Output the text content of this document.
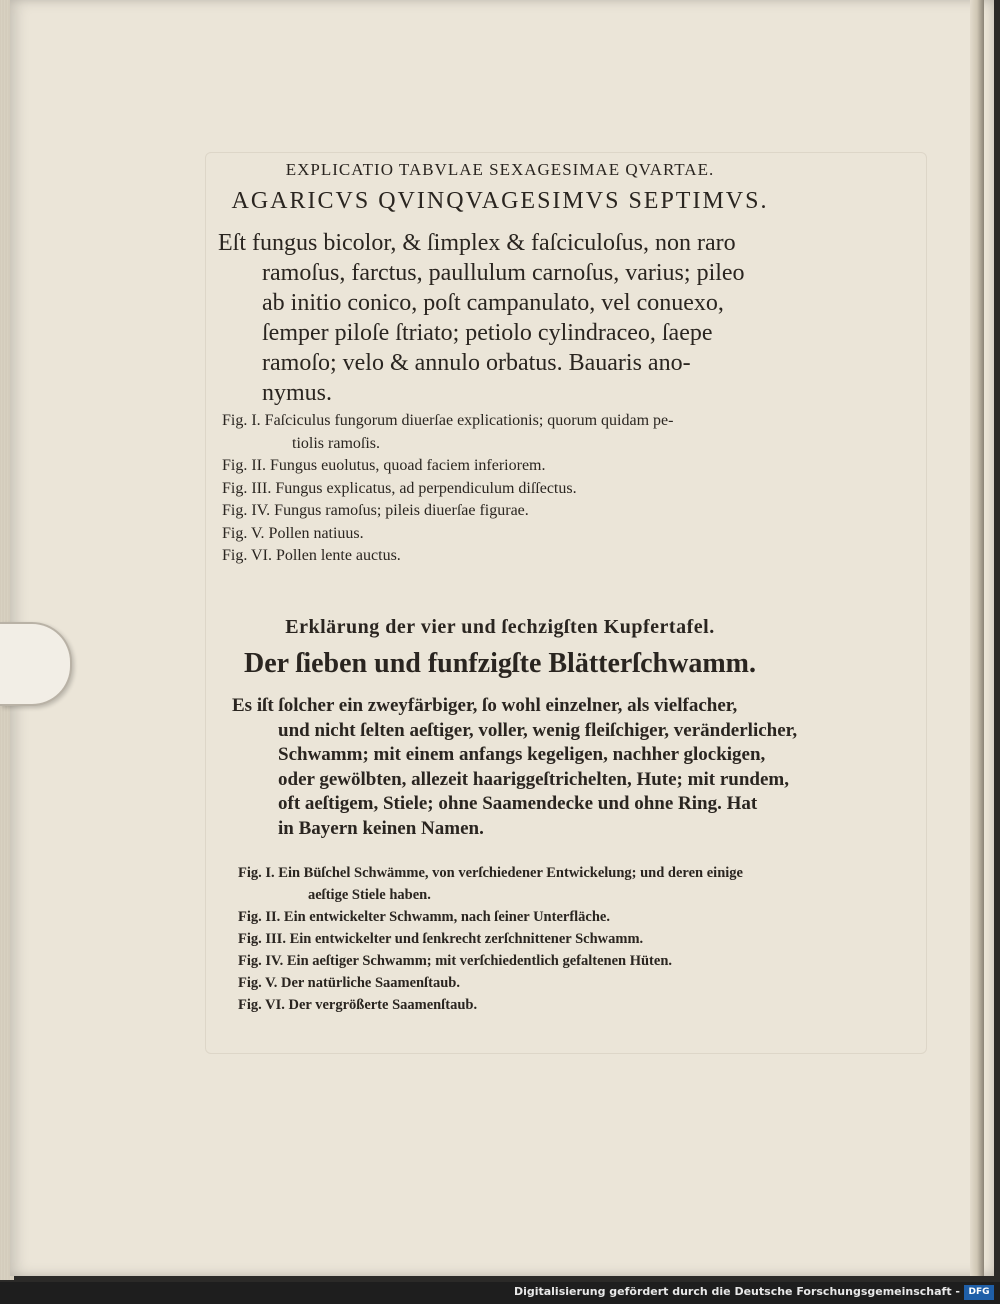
EXPLICATIO TABVLAE SEXAGESIMAE QVARTAE.
AGARICVS QVINQVAGESIMVS SEPTIMVS.
Eſt fungus bicolor, & ſimplex & faſciculoſus, non raro
ramoſus, farctus, paullulum carnoſus, varius; pileo
ab initio conico, poſt campanulato, vel conuexo,
ſemper piloſe ſtriato; petiolo cylindraceo, ſaepe
ramoſo; velo & annulo orbatus. Bauaris ano-
nymus.
Fig. I. Faſciculus fungorum diuerſae explicationis; quorum quidam pe-
tiolis ramoſis.
Fig. II. Fungus euolutus, quoad faciem inferiorem.
Fig. III. Fungus explicatus, ad perpendiculum diſſectus.
Fig. IV. Fungus ramoſus; pileis diuerſae figurae.
Fig. V. Pollen natiuus.
Fig. VI. Pollen lente auctus.
Erklärung der vier und ſechzigſten Kupfertafel.
Der ſieben und funfzigſte Blätterſchwamm.
Es iſt ſolcher ein zweyfärbiger, ſo wohl einzelner, als vielfacher,
und nicht ſelten aeſtiger, voller, wenig fleiſchiger, veränderlicher,
Schwamm; mit einem anfangs kegeligen, nachher glockigen,
oder gewölbten, allezeit haariggeſtrichelten, Hute; mit rundem,
oft aeſtigem, Stiele; ohne Saamendecke und ohne Ring. Hat
in Bayern keinen Namen.
Fig. I. Ein Büſchel Schwämme, von verſchiedener Entwickelung; und deren einige
aeſtige Stiele haben.
Fig. II. Ein entwickelter Schwamm, nach ſeiner Unterfläche.
Fig. III. Ein entwickelter und ſenkrecht zerſchnittener Schwamm.
Fig. IV. Ein aeſtiger Schwamm; mit verſchiedentlich gefaltenen Hüten.
Fig. V. Der natürliche Saamenſtaub.
Fig. VI. Der vergrößerte Saamenſtaub.
Digitalisierung gefördert durch die Deutsche Forschungsgemeinschaft - DFG
